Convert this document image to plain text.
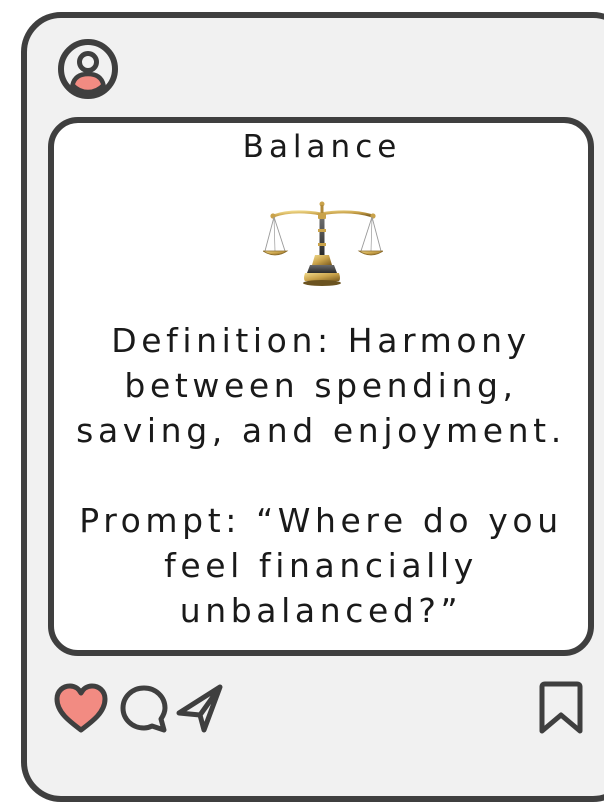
Balance

Definition: Harmony

between spending,

saving, and enjoyment.

Prompt: “Where do you

feel financially

unbalanced?”
